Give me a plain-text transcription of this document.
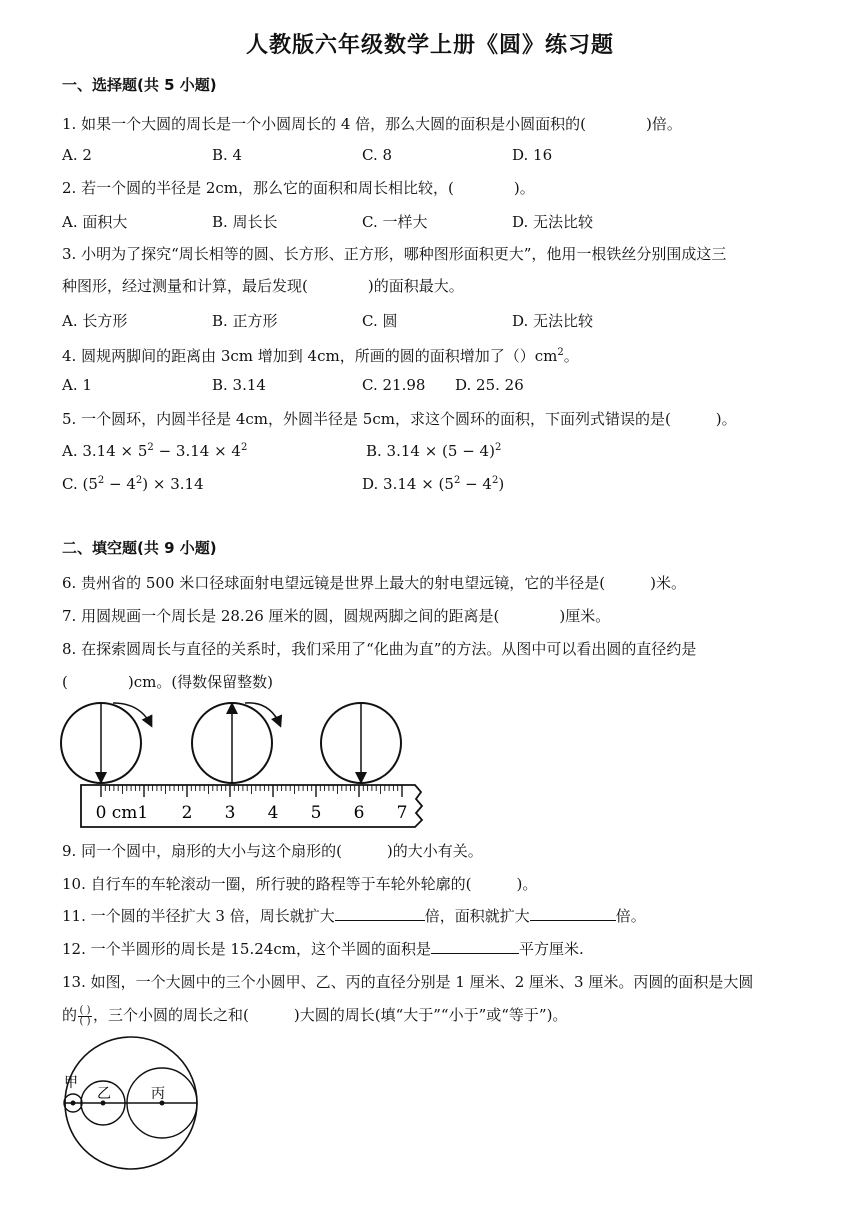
人教版六年级数学上册《圆》练习题
一、选择题(共 5 小题)
1. 如果一个大圆的周长是一个小圆周长的 4 倍，那么大圆的面积是小圆面积的(　　　　)倍。
A. 2	B. 4	C. 8	D. 16
2. 若一个圆的半径是 2cm，那么它的面积和周长相比较，(　　　　)。
A. 面积大	B. 周长长	C. 一样大	D. 无法比较
3. 小明为了探究“周长相等的圆、长方形、正方形，哪种图形面积更大”，他用一根铁丝分别围成这三
种图形，经过测量和计算，最后发现(　　　　)的面积最大。
A. 长方形	B. 正方形	C. 圆	D. 无法比较
4. 圆规两脚间的距离由 3cm 增加到 4cm，所画的圆的面积增加了$()cm^2$。
A. 1	B. 3.14	C. 21.98 D. 25. 26
5. 一个圆环，内圆半径是 4cm，外圆半径是 5cm，求这个圆环的面积，下面列式错误的是(　　　)。
A. $3.14 \times 5^2 - 3.14 \times 4^2$	B. $3.14 \times (5 - 4)^2$
C. $(5^2 - 4^2) \times 3.14$	D. $3.14 \times (5^2 - 4^2)$
二、填空题(共 9 小题)
6. 贵州省的 500 米口径球面射电望远镜是世界上最大的射电望远镜，它的半径是(　　　)米。
7. 用圆规画一个周长是 28.26 厘米的圆，圆规两脚之间的距离是(　　　　)厘米。
8. 在探索圆周长与直径的关系时，我们采用了“化曲为直”的方法。从图中可以看出圆的直径约是
(　　　　)cm。(得数保留整数)
0 cm1 2 3 4 5 6 7
9. 同一个圆中，扇形的大小与这个扇形的(　　　)的大小有关。
10. 自行车的车轮滚动一圈，所行驶的路程等于车轮外轮廓的(　　　)。
11. 一个圆的半径扩大 3 倍，周长就扩大	倍，面积就扩大	倍。
12. 一个半圆形的周长是 15.24cm，这个半圆的面积是	平方厘米.
13. 如图，一个大圆中的三个小圆甲、乙、丙的直径分别是 1 厘米、2 厘米、3 厘米。丙圆的面积是大圆
的 $\frac{( )}{( )}$ ，三个小圆的周长之和(　　　)大圆的周长(填“大于”“小于”或“等于”)。
甲
乙	丙
